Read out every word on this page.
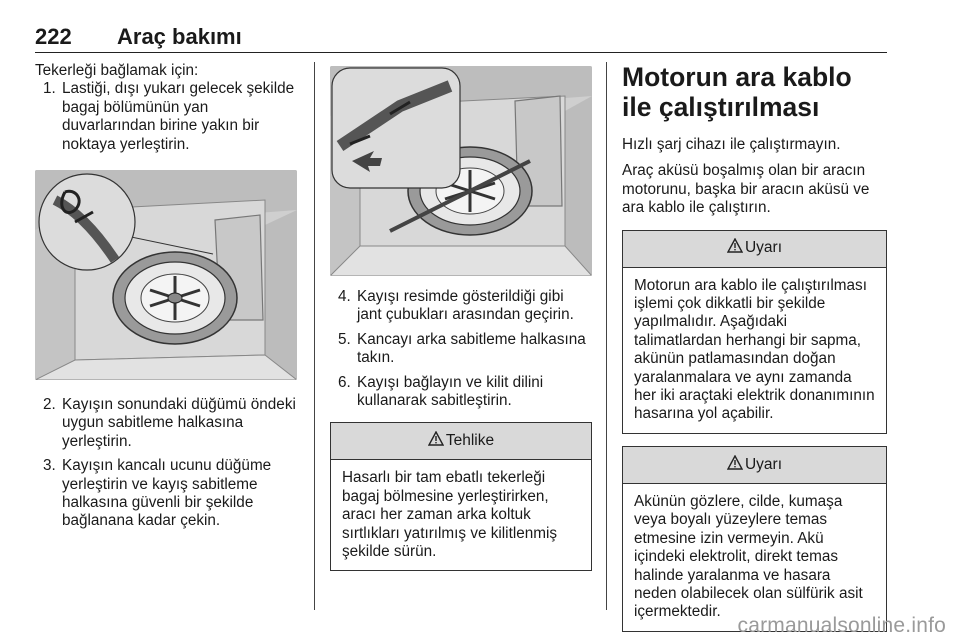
222 Araç bakımı

Tekerleği bağlamak için:

1. Lastiği, dışı yukarı gelecek şekilde bagaj bölümünün yan duvarlarından birine yakın bir noktaya yerleştirin.
2. Kayışın sonundaki düğümü öndeki uygun sabitleme halkasına yerleştirin.
3. Kayışın kancalı ucunu düğüme yerleştirin ve kayış sabitleme halkasına güvenli bir şekilde bağlanana kadar çekin.
4. Kayışı resimde gösterildiği gibi jant çubukları arasından geçirin.
5. Kancayı arka sabitleme halkasına takın.
6. Kayışı bağlayın ve kilit dilini kullanarak sabitleştirin.
Tehlike
Hasarlı bir tam ebatlı tekerleği bagaj bölmesine yerleştirirken, aracı her zaman arka koltuk sırtlıkları yatırılmış ve kilitlenmiş şekilde sürün.
Motorun ara kablo ile çalıştırılması

Hızlı şarj cihazı ile çalıştırmayın.

Araç aküsü boşalmış olan bir aracın motorunu, başka bir aracın aküsü ve ara kablo ile çalıştırın.

Uyarı
Motorun ara kablo ile çalıştırılması işlemi çok dikkatli bir şekilde yapılmalıdır. Aşağıdaki talimatlardan herhangi bir sapma, akünün patlamasından doğan yaralanmalara ve aynı zamanda her iki araçtaki elektrik donanımının hasarına yol açabilir.
Uyarı
Akünün gözlere, cilde, kumaşa veya boyalı yüzeylere temas etmesine izin vermeyin. Akü içindeki elektrolit, direkt temas halinde yaralanma ve hasara neden olabilecek olan sülfürik asit içermektedir.
carmanualsonline.info
